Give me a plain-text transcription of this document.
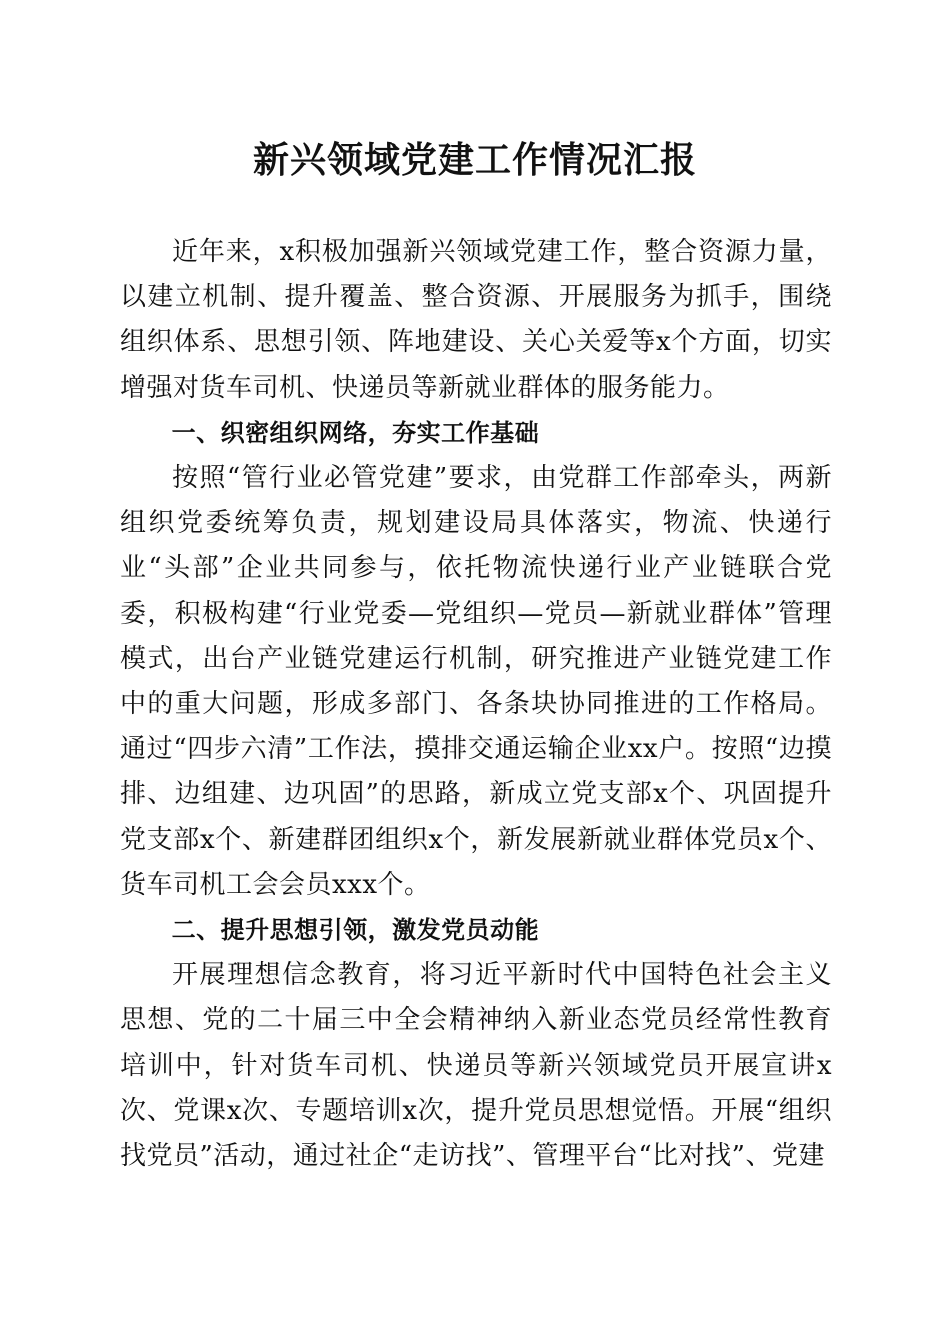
新兴领域党建工作情况汇报

近年来，x积极加强新兴领域党建工作，整合资源力量，以建立机制、提升覆盖、整合资源、开展服务为抓手，围绕组织体系、思想引领、阵地建设、关心关爱等x个方面，切实增强对货车司机、快递员等新就业群体的服务能力。

一、织密组织网络，夯实工作基础

按照“管行业必管党建”要求，由党群工作部牵头，两新组织党委统筹负责，规划建设局具体落实，物流、快递行业“头部”企业共同参与，依托物流快递行业产业链联合党委，积极构建“行业党委—党组织—党员—新就业群体”管理模式，出台产业链党建运行机制，研究推进产业链党建工作中的重大问题，形成多部门、各条块协同推进的工作格局。通过“四步六清”工作法，摸排交通运输企业xx户。按照“边摸排、边组建、边巩固”的思路，新成立党支部x个、巩固提升党支部x个、新建群团组织x个，新发展新就业群体党员x个、货车司机工会会员xxx个。

二、提升思想引领，激发党员动能

开展理想信念教育，将习近平新时代中国特色社会主义思想、党的二十届三中全会精神纳入新业态党员经常性教育培训中，针对货车司机、快递员等新兴领域党员开展宣讲x次、党课x次、专题培训x次，提升党员思想觉悟。开展“组织找党员”活动，通过社企“走访找”、管理平台“比对找”、党建
